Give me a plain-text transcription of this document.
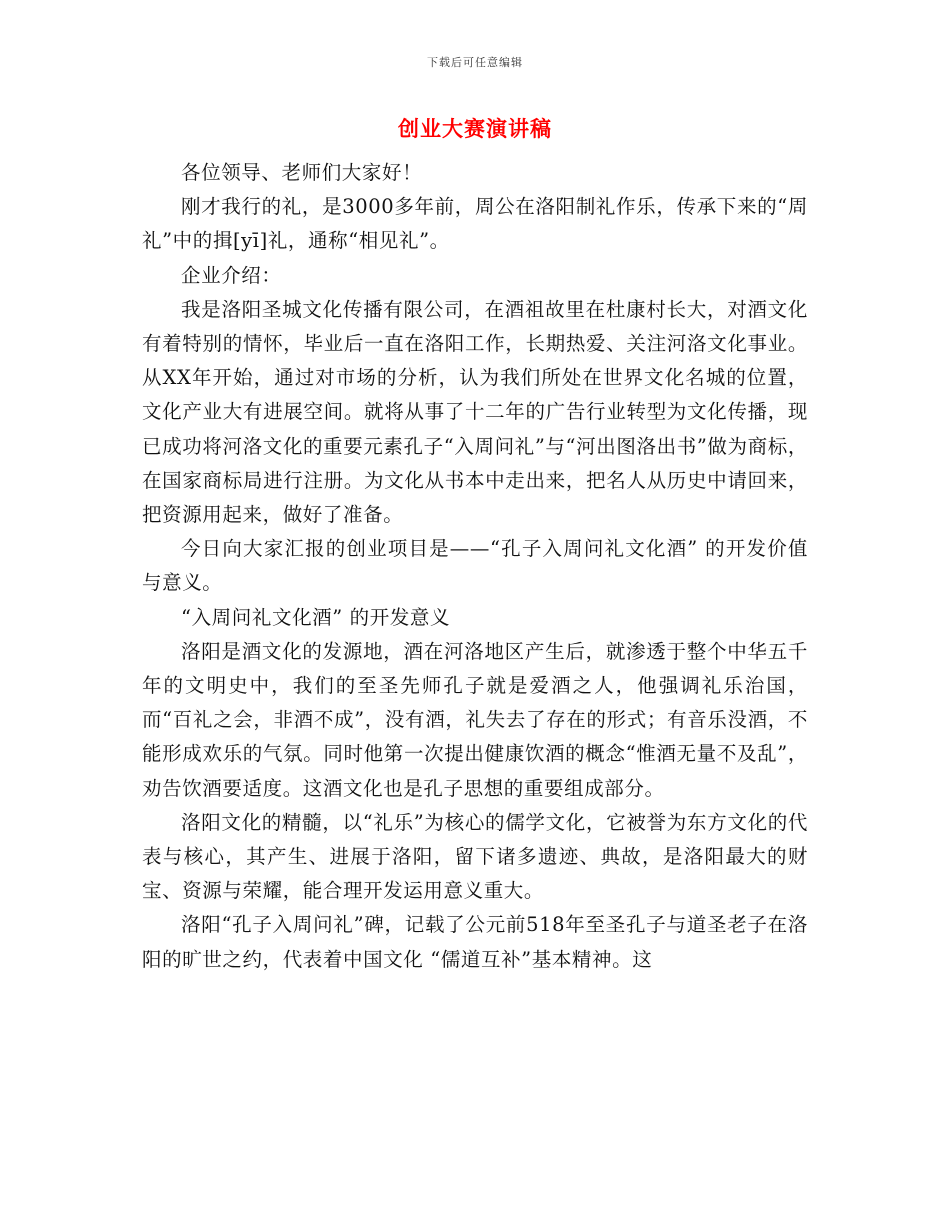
下载后可任意编辑
创业大赛演讲稿

各位领导、老师们大家好！

刚才我行的礼，是3000多年前，周公在洛阳制礼作乐，传承下来的“周礼”中的揖[yī]礼，通称“相见礼”。

企业介绍：

我是洛阳圣城文化传播有限公司，在酒祖故里在杜康村长大，对酒文化有着特别的情怀，毕业后一直在洛阳工作，长期热爱、关注河洛文化事业。从XX年开始，通过对市场的分析，认为我们所处在世界文化名城的位置，文化产业大有进展空间。就将从事了十二年的广告行业转型为文化传播，现已成功将河洛文化的重要元素孔子“入周问礼”与“河出图洛出书”做为商标，在国家商标局进行注册。为文化从书本中走出来，把名人从历史中请回来，把资源用起来，做好了准备。

今日向大家汇报的创业项目是——“孔子入周问礼文化酒” 的开发价值与意义。

“入周问礼文化酒” 的开发意义

洛阳是酒文化的发源地，酒在河洛地区产生后，就渗透于整个中华五千年的文明史中，我们的至圣先师孔子就是爱酒之人，他强调礼乐治国，而“百礼之会，非酒不成”，没有酒，礼失去了存在的形式；有音乐没酒，不能形成欢乐的气氛。同时他第一次提出健康饮酒的概念“惟酒无量不及乱”，劝告饮酒要适度。这酒文化也是孔子思想的重要组成部分。

洛阳文化的精髓，以“礼乐”为核心的儒学文化，它被誉为东方文化的代表与核心，其产生、进展于洛阳，留下诸多遗迹、典故，是洛阳最大的财宝、资源与荣耀，能合理开发运用意义重大。

洛阳“孔子入周问礼”碑，记载了公元前518年至圣孔子与道圣老子在洛阳的旷世之约，代表着中国文化 “儒道互补”基本精神。这
